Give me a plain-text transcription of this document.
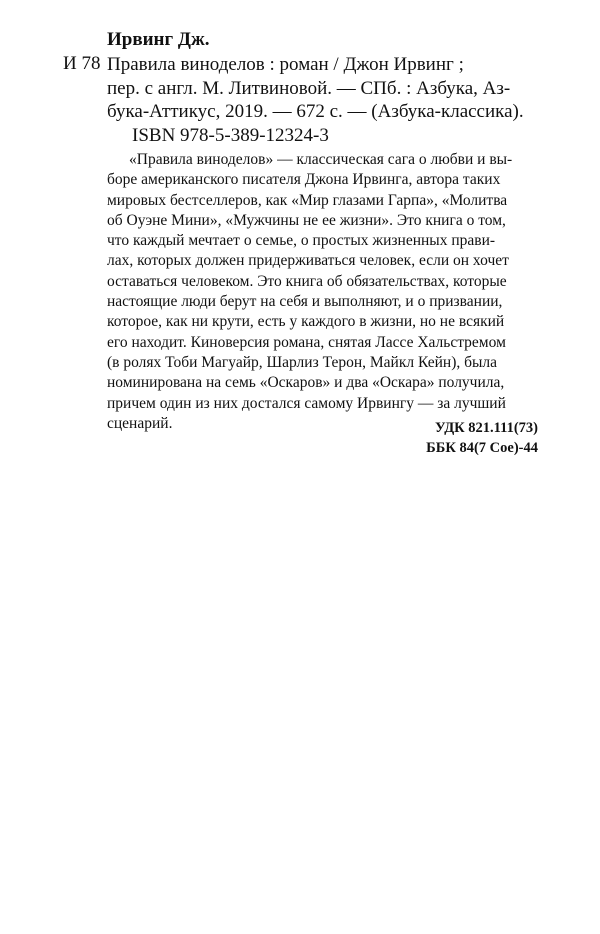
Ирвинг Дж.
И 78 Правила виноделов : роман / Джон Ирвинг ;
пер. с англ. М. Литвиновой. — СПб. : Азбука, Аз-
бука-Аттикус, 2019. — 672 с. — (Азбука-классика).
ISBN 978-5-389-12324-3
«Правила виноделов» — классическая сага о любви и вы-
боре американского писателя Джона Ирвинга, автора таких
мировых бестселлеров, как «Мир глазами Гарпа», «Молитва
об Оуэне Мини», «Мужчины не ее жизни». Это книга о том,
что каждый мечтает о семье, о простых жизненных прави-
лах, которых должен придерживаться человек, если он хочет
оставаться человеком. Это книга об обязательствах, которые
настоящие люди берут на себя и выполняют, и о призвании,
которое, как ни крути, есть у каждого в жизни, но не всякий
его находит. Киноверсия романа, снятая Лассе Хальстремом
(в ролях Тоби Магуайр, Шарлиз Терон, Майкл Кейн), была
номинирована на семь «Оскаров» и два «Оскара» получила,
причем один из них достался самому Ирвингу — за лучший
сценарий.	УДК 821.111(73)
ББК 84(7 Сое)-44
